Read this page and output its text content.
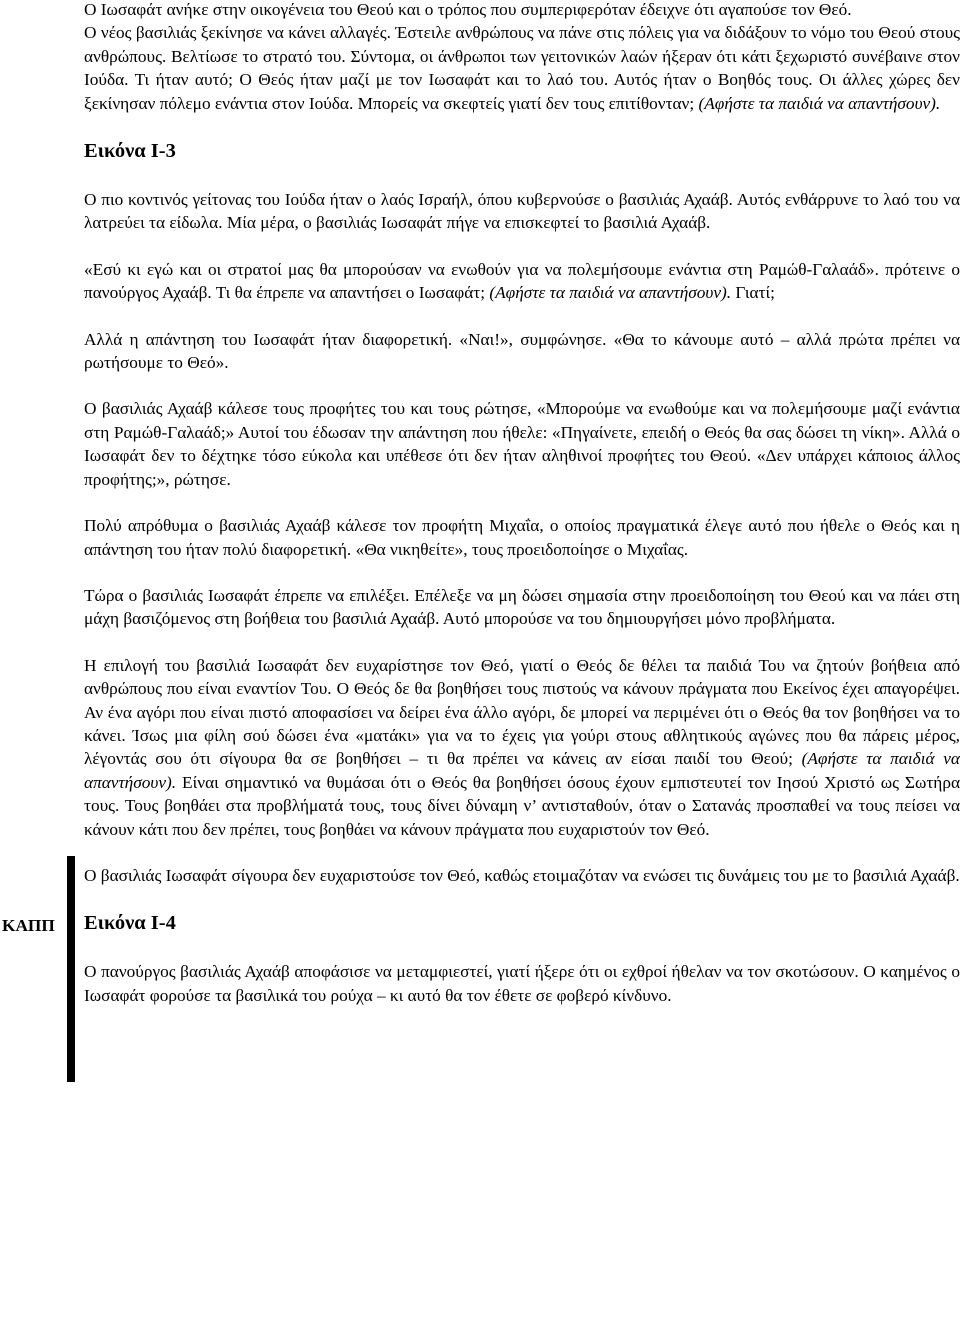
ΚΑΠΠ

Ο Ιωσαφάτ ανήκε στην οικογένεια του Θεού και ο τρόπος που συμπεριφερόταν έδειχνε ότι αγαπούσε τον Θεό.

Ο νέος βασιλιάς ξεκίνησε να κάνει αλλαγές. Έστειλε ανθρώπους να πάνε στις πόλεις για να διδάξουν το νόμο του Θεού στους ανθρώπους. Βελτίωσε το στρατό του. Σύντομα, οι άνθρωποι των γειτονικών λαών ήξεραν ότι κάτι ξεχωριστό συνέβαινε στον Ιούδα. Τι ήταν αυτό; Ο Θεός ήταν μαζί με τον Ιωσαφάτ και το λαό του. Αυτός ήταν ο Βοηθός τους. Οι άλλες χώρες δεν ξεκίνησαν πόλεμο ενάντια στον Ιούδα. Μπορείς να σκεφτείς γιατί δεν τους επιτίθονταν; (Αφήστε τα παιδιά να απαντήσουν).

Εικόνα Ι-3

Ο πιο κοντινός γείτονας του Ιούδα ήταν ο λαός Ισραήλ, όπου κυβερνούσε ο βασιλιάς Αχαάβ. Αυτός ενθάρρυνε το λαό του να λατρεύει τα είδωλα. Μία μέρα, ο βασιλιάς Ιωσαφάτ πήγε να επισκεφτεί το βασιλιά Αχαάβ.

«Εσύ κι εγώ και οι στρατοί μας θα μπορούσαν να ενωθούν για να πολεμήσουμε ενάντια στη Ραμώθ-Γαλαάδ». πρότεινε ο πανούργος Αχαάβ. Τι θα έπρεπε να απαντήσει ο Ιωσαφάτ; (Αφήστε τα παιδιά να απαντήσουν). Γιατί;

Αλλά η απάντηση του Ιωσαφάτ ήταν διαφορετική. «Ναι!», συμφώνησε. «Θα το κάνουμε αυτό – αλλά πρώτα πρέπει να ρωτήσουμε το Θεό».

Ο βασιλιάς Αχαάβ κάλεσε τους προφήτες του και τους ρώτησε, «Μπορούμε να ενωθούμε και να πολεμήσουμε μαζί ενάντια στη Ραμώθ-Γαλαάδ;» Αυτοί του έδωσαν την απάντηση που ήθελε: «Πηγαίνετε, επειδή ο Θεός θα σας δώσει τη νίκη». Αλλά ο Ιωσαφάτ δεν το δέχτηκε τόσο εύκολα και υπέθεσε ότι δεν ήταν αληθινοί προφήτες του Θεού. «Δεν υπάρχει κάποιος άλλος προφήτης;», ρώτησε.

Πολύ απρόθυμα ο βασιλιάς Αχαάβ κάλεσε τον προφήτη Μιχαΐα, ο οποίος πραγματικά έλεγε αυτό που ήθελε ο Θεός και η απάντηση του ήταν πολύ διαφορετική. «Θα νικηθείτε», τους προειδοποίησε ο Μιχαΐας.

Τώρα ο βασιλιάς Ιωσαφάτ έπρεπε να επιλέξει. Επέλεξε να μη δώσει σημασία στην προειδοποίηση του Θεού και να πάει στη μάχη βασιζόμενος στη βοήθεια του βασιλιά Αχαάβ. Αυτό μπορούσε να του δημιουργήσει μόνο προβλήματα.

Η επιλογή του βασιλιά Ιωσαφάτ δεν ευχαρίστησε τον Θεό, γιατί ο Θεός δε θέλει τα παιδιά Του να ζητούν βοήθεια από ανθρώπους που είναι εναντίον Του. Ο Θεός δε θα βοηθήσει τους πιστούς να κάνουν πράγματα που Εκείνος έχει απαγορέψει. Αν ένα αγόρι που είναι πιστό αποφασίσει να δείρει ένα άλλο αγόρι, δε μπορεί να περιμένει ότι ο Θεός θα τον βοηθήσει να το κάνει. Ίσως μια φίλη σού δώσει ένα «ματάκι» για να το έχεις για γούρι στους αθλητικούς αγώνες που θα πάρεις μέρος, λέγοντάς σου ότι σίγουρα θα σε βοηθήσει – τι θα πρέπει να κάνεις αν είσαι παιδί του Θεού; (Αφήστε τα παιδιά να απαντήσουν). Είναι σημαντικό να θυμάσαι ότι ο Θεός θα βοηθήσει όσους έχουν εμπιστευτεί τον Ιησού Χριστό ως Σωτήρα τους. Τους βοηθάει στα προβλήματά τους, τους δίνει δύναμη ν’ αντισταθούν, όταν ο Σατανάς προσπαθεί να τους πείσει να κάνουν κάτι που δεν πρέπει, τους βοηθάει να κάνουν πράγματα που ευχαριστούν τον Θεό.

Ο βασιλιάς Ιωσαφάτ σίγουρα δεν ευχαριστούσε τον Θεό, καθώς ετοιμαζόταν να ενώσει τις δυνάμεις του με το βασιλιά Αχαάβ.

Εικόνα Ι-4

Ο πανούργος βασιλιάς Αχαάβ αποφάσισε να μεταμφιεστεί, γιατί ήξερε ότι οι εχθροί ήθελαν να τον σκοτώσουν. Ο καημένος ο Ιωσαφάτ φορούσε τα βασιλικά του ρούχα – κι αυτό θα τον έθετε σε φοβερό κίνδυνο.
